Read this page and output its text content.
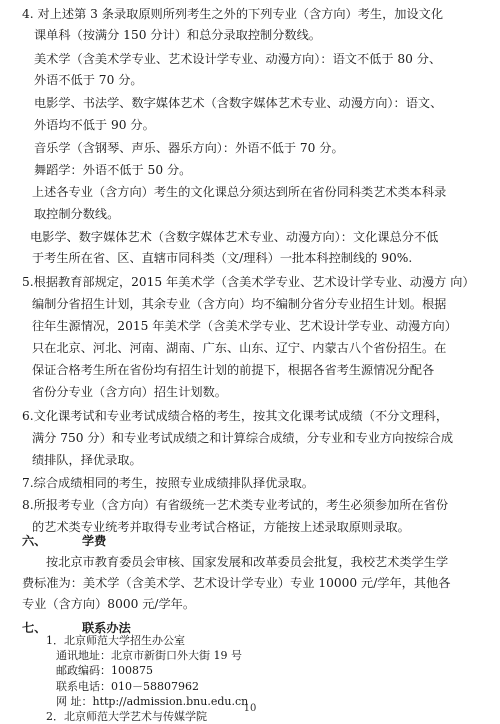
4. 对上述第 3 条录取原则所列考生之外的下列专业（含方向）考生，加设文化
课单科（按满分 150 分计）和总分录取控制分数线。
美术学（含美术学专业、艺术设计学专业、动漫方向）：语文不低于 80 分、
外语不低于 70 分。
电影学、书法学、数字媒体艺术（含数字媒体艺术专业、动漫方向）：语文、
外语均不低于 90 分。
音乐学（含钢琴、声乐、器乐方向）：外语不低于 70 分。
舞蹈学：外语不低于 50 分。
上述各专业（含方向）考生的文化课总分须达到所在省份同科类艺术类本科录
取控制分数线。
电影学、数字媒体艺术（含数字媒体艺术专业、动漫方向）：文化课总分不低
于考生所在省、区、直辖市同科类（文/理科）一批本科控制线的 90%.
5.根据教育部规定，2015 年美术学（含美术学专业、艺术设计学专业、动漫方 向）
编制分省招生计划，其余专业（含方向）均不编制分省分专业招生计划。根据
往年生源情况，2015 年美术学（含美术学专业、艺术设计学专业、动漫方向）
只在北京、河北、河南、湖南、广东、山东、辽宁、内蒙古八个省份招生。在
保证合格考生所在省份均有招生计划的前提下，根据各省考生源情况分配各
省份分专业（含方向）招生计划数。
6.文化课考试和专业考试成绩合格的考生，按其文化课考试成绩（不分文理科，
满分 750 分）和专业考试成绩之和计算综合成绩，分专业和专业方向按综合成
绩排队，择优录取。
7.综合成绩相同的考生，按照专业成绩排队择优录取。
8.所报考专业（含方向）有省级统一艺术类专业考试的，考生必须参加所在省份
的艺术类专业统考并取得专业考试合格证，方能按上述录取原则录取。
六、	学费
按北京市教育委员会审核、国家发展和改革委员会批复，我校艺术类学生学
费标准为：美术学（含美术学、艺术设计学专业）专业 10000 元/学年，其他各
专业（含方向）8000 元/学年。
七、	联系办法
1．北京师范大学招生办公室
通讯地址：北京市新街口外大街 19 号
邮政编码：100875
联系电话：010－58807962
网 址：http://admission.bnu.edu.cn
2．北京师范大学艺术与传媒学院
10
